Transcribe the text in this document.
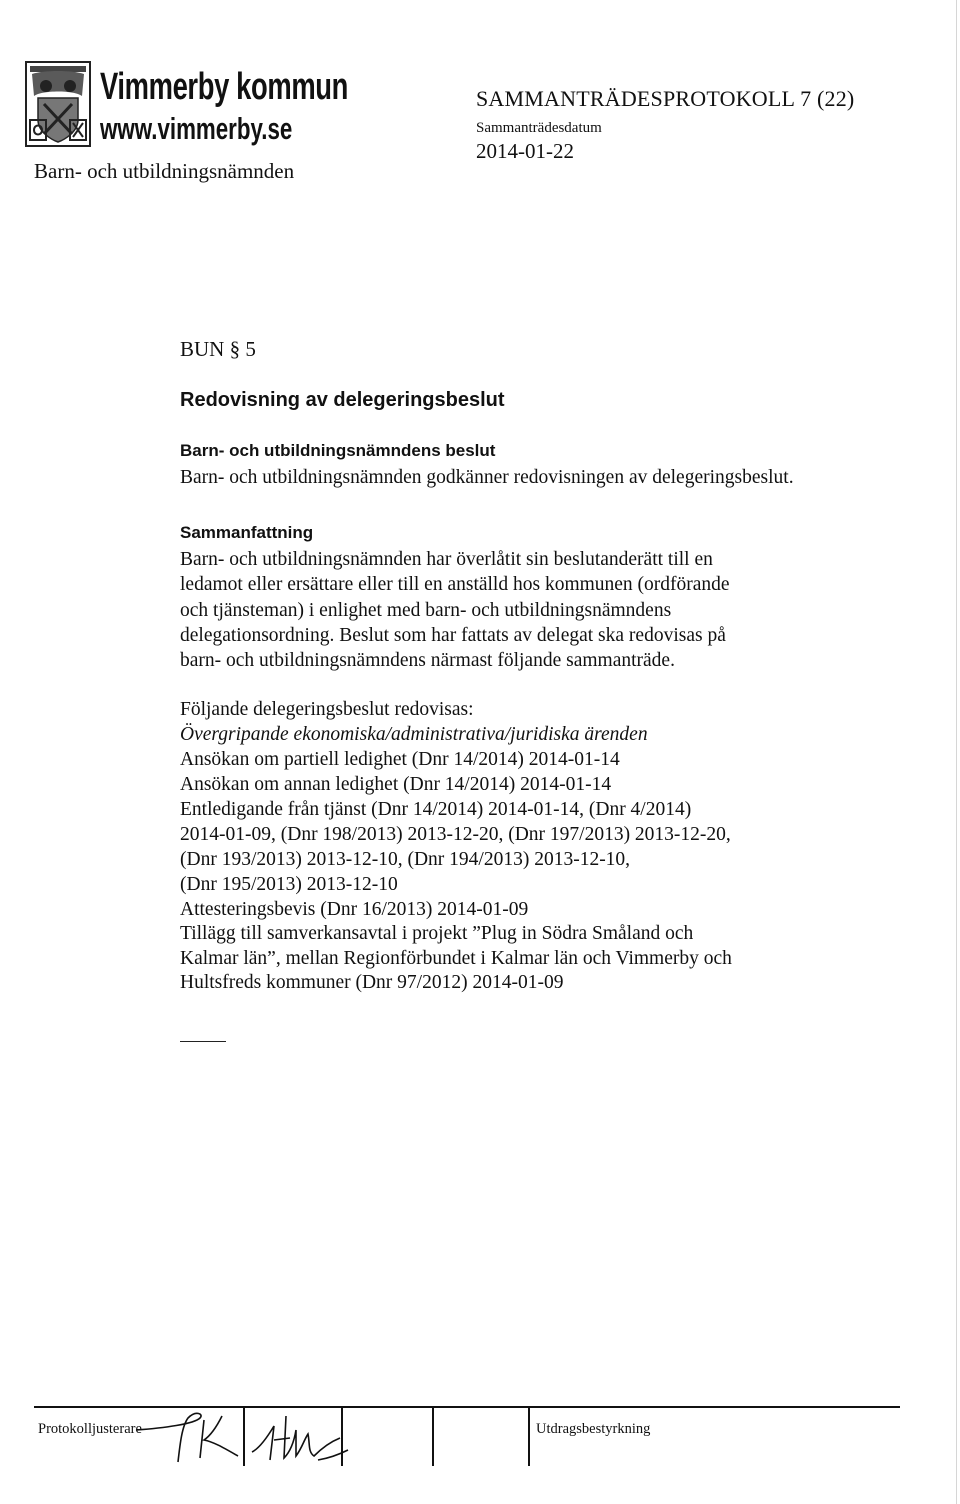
Vimmerby kommun
www.vimmerby.se
Barn- och utbildningsnämnden
SAMMANTRÄDESPROTOKOLL 7 (22)
Sammanträdesdatum
2014-01-22
BUN § 5
Redovisning av delegeringsbeslut
Barn- och utbildningsnämndens beslut
Barn- och utbildningsnämnden godkänner redovisningen av delegeringsbeslut.
Sammanfattning
Barn- och utbildningsnämnden har överlåtit sin beslutanderätt till en
ledamot eller ersättare eller till en anställd hos kommunen (ordförande
och tjänsteman) i enlighet med barn- och utbildningsnämndens
delegationsordning. Beslut som har fattats av delegat ska redovisas på
barn- och utbildningsnämndens närmast följande sammanträde.
Följande delegeringsbeslut redovisas:
Övergripande ekonomiska/administrativa/juridiska ärenden
Ansökan om partiell ledighet (Dnr 14/2014) 2014-01-14
Ansökan om annan ledighet (Dnr 14/2014) 2014-01-14
Entledigande från tjänst (Dnr 14/2014) 2014-01-14, (Dnr 4/2014)
2014-01-09, (Dnr 198/2013) 2013-12-20, (Dnr 197/2013) 2013-12-20,
(Dnr 193/2013) 2013-12-10, (Dnr 194/2013) 2013-12-10,
(Dnr 195/2013) 2013-12-10
Attesteringsbevis (Dnr 16/2013) 2014-01-09
Tillägg till samverkansavtal i projekt ”Plug in Södra Småland och
Kalmar län”, mellan Regionförbundet i Kalmar län och Vimmerby och
Hultsfreds kommuner (Dnr 97/2012) 2014-01-09
Protokolljusterare	Utdragsbestyrkning
